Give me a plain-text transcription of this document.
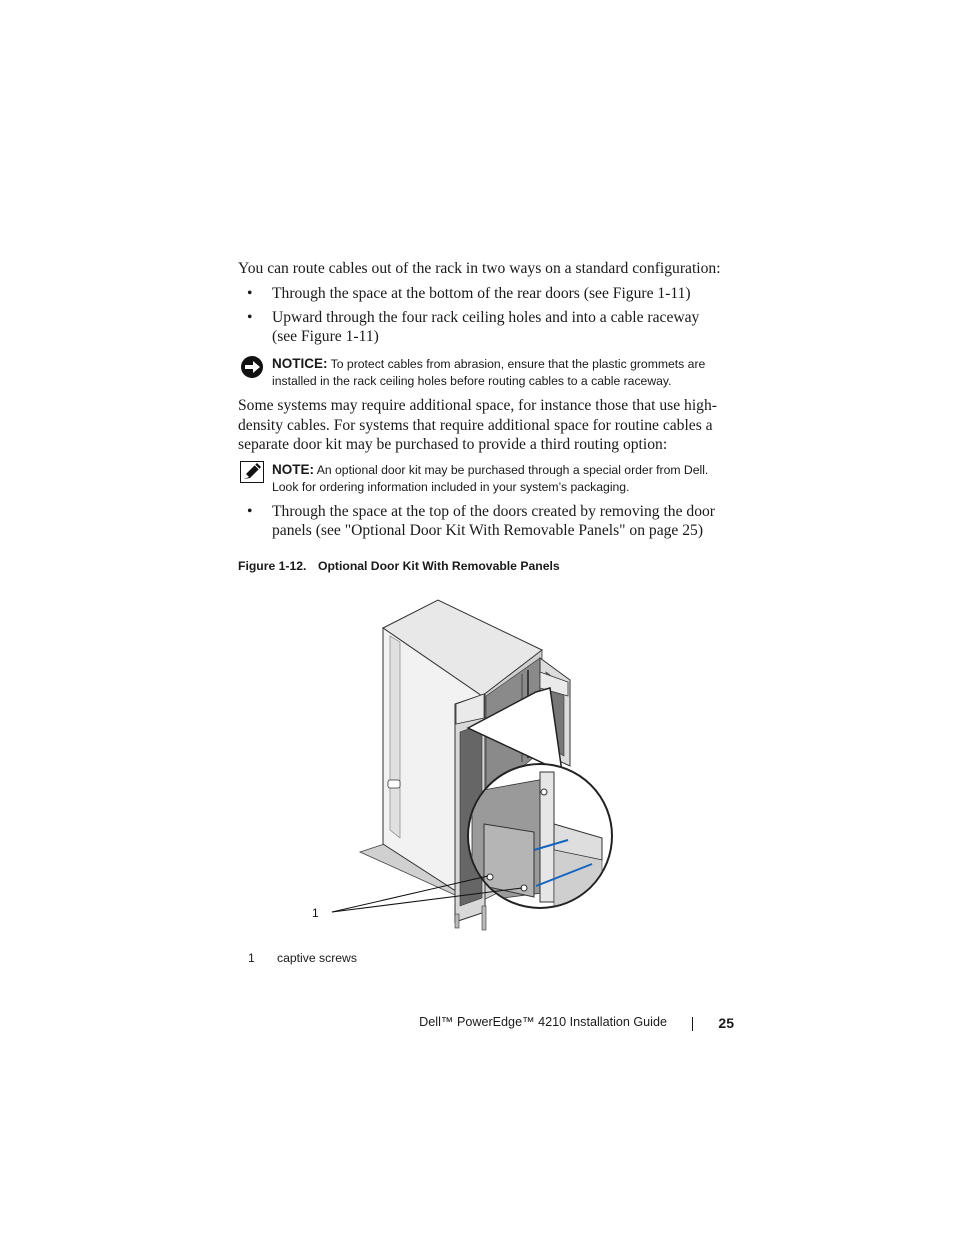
You can route cables out of the rack in two ways on a standard configuration:
• Through the space at the bottom of the rear doors (see Figure 1-11)
• Upward through the four rack ceiling holes and into a cable raceway (see Figure 1-11)
NOTICE: To protect cables from abrasion, ensure that the plastic grommets are installed in the rack ceiling holes before routing cables to a cable raceway.
Some systems may require additional space, for instance those that use high-density cables. For systems that require additional space for routine cables a separate door kit may be purchased to provide a third routing option:
NOTE: An optional door kit may be purchased through a special order from Dell. Look for ordering information included in your system’s packaging.
• Through the space at the top of the doors created by removing the door panels (see "Optional Door Kit With Removable Panels" on page 25)
Figure 1-12. Optional Door Kit With Removable Panels
1
1 captive screws
Dell™ PowerEdge™ 4210 Installation Guide	25
